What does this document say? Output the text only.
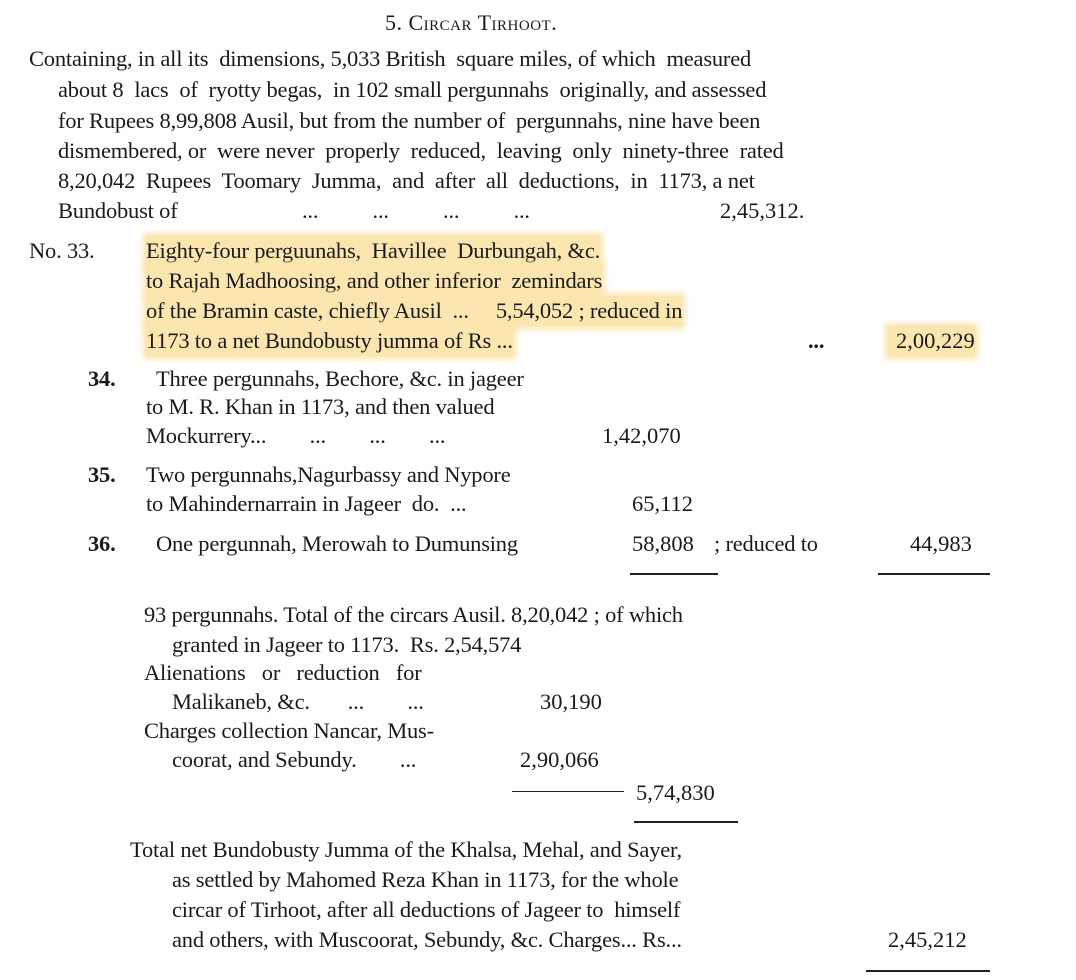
5. Circar Tirhoot.
Containing, in all its  dimensions, 5,033 British  square miles, of which  measured
about 8  lacs  of  ryotty begas,  in 102 small pergunnahs  originally, and assessed
for Rupees 8,99,808 Ausil, but from the number of  pergunnahs, nine have been
dismembered, or  were never  properly  reduced,  leaving  only  ninety-three  rated
8,20,042  Rupees  Toomary  Jumma,  and  after  all  deductions,  in  1173, a net
Bundobust of	...          ...          ...          ...	2,45,312.
No. 33. Eighty-four perguunahs,  Havillee  Durbungah, &c.
to Rajah Madhoosing, and other inferior  zemindars
of the Bramin caste, chiefly Ausil  ...     5,54,052 ; reduced in
1173 to a net Bundobusty jumma of Rs ...	...	2,00,229
34. Three pergunnahs, Bechore, &c. in jageer
to M. R. Khan in 1173, and then valued
Mockurrery...        ...        ...        ...	1,42,070
35. Two pergunnahs,Nagurbassy and Nypore
to Mahindernarrain in Jageer  do.  ...	65,112
36. One pergunnah, Merowah to Dumunsing	58,808 ; reduced to	44,983
93 pergunnahs. Total of the circars Ausil. 8,20,042 ; of which
granted in Jageer to 1173.  Rs. 2,54,574
Alienations   or   reduction   for
Malikaneb, &c.       ...        ...	30,190
Charges collection Nancar, Mus-
coorat, and Sebundy.        ...	2,90,066
5,74,830
Total net Bundobusty Jumma of the Khalsa, Mehal, and Sayer,
as settled by Mahomed Reza Khan in 1173, for the whole
circar of Tirhoot, after all deductions of Jageer to  himself
and others, with Muscoorat, Sebundy, &c. Charges... Rs...	2,45,212
